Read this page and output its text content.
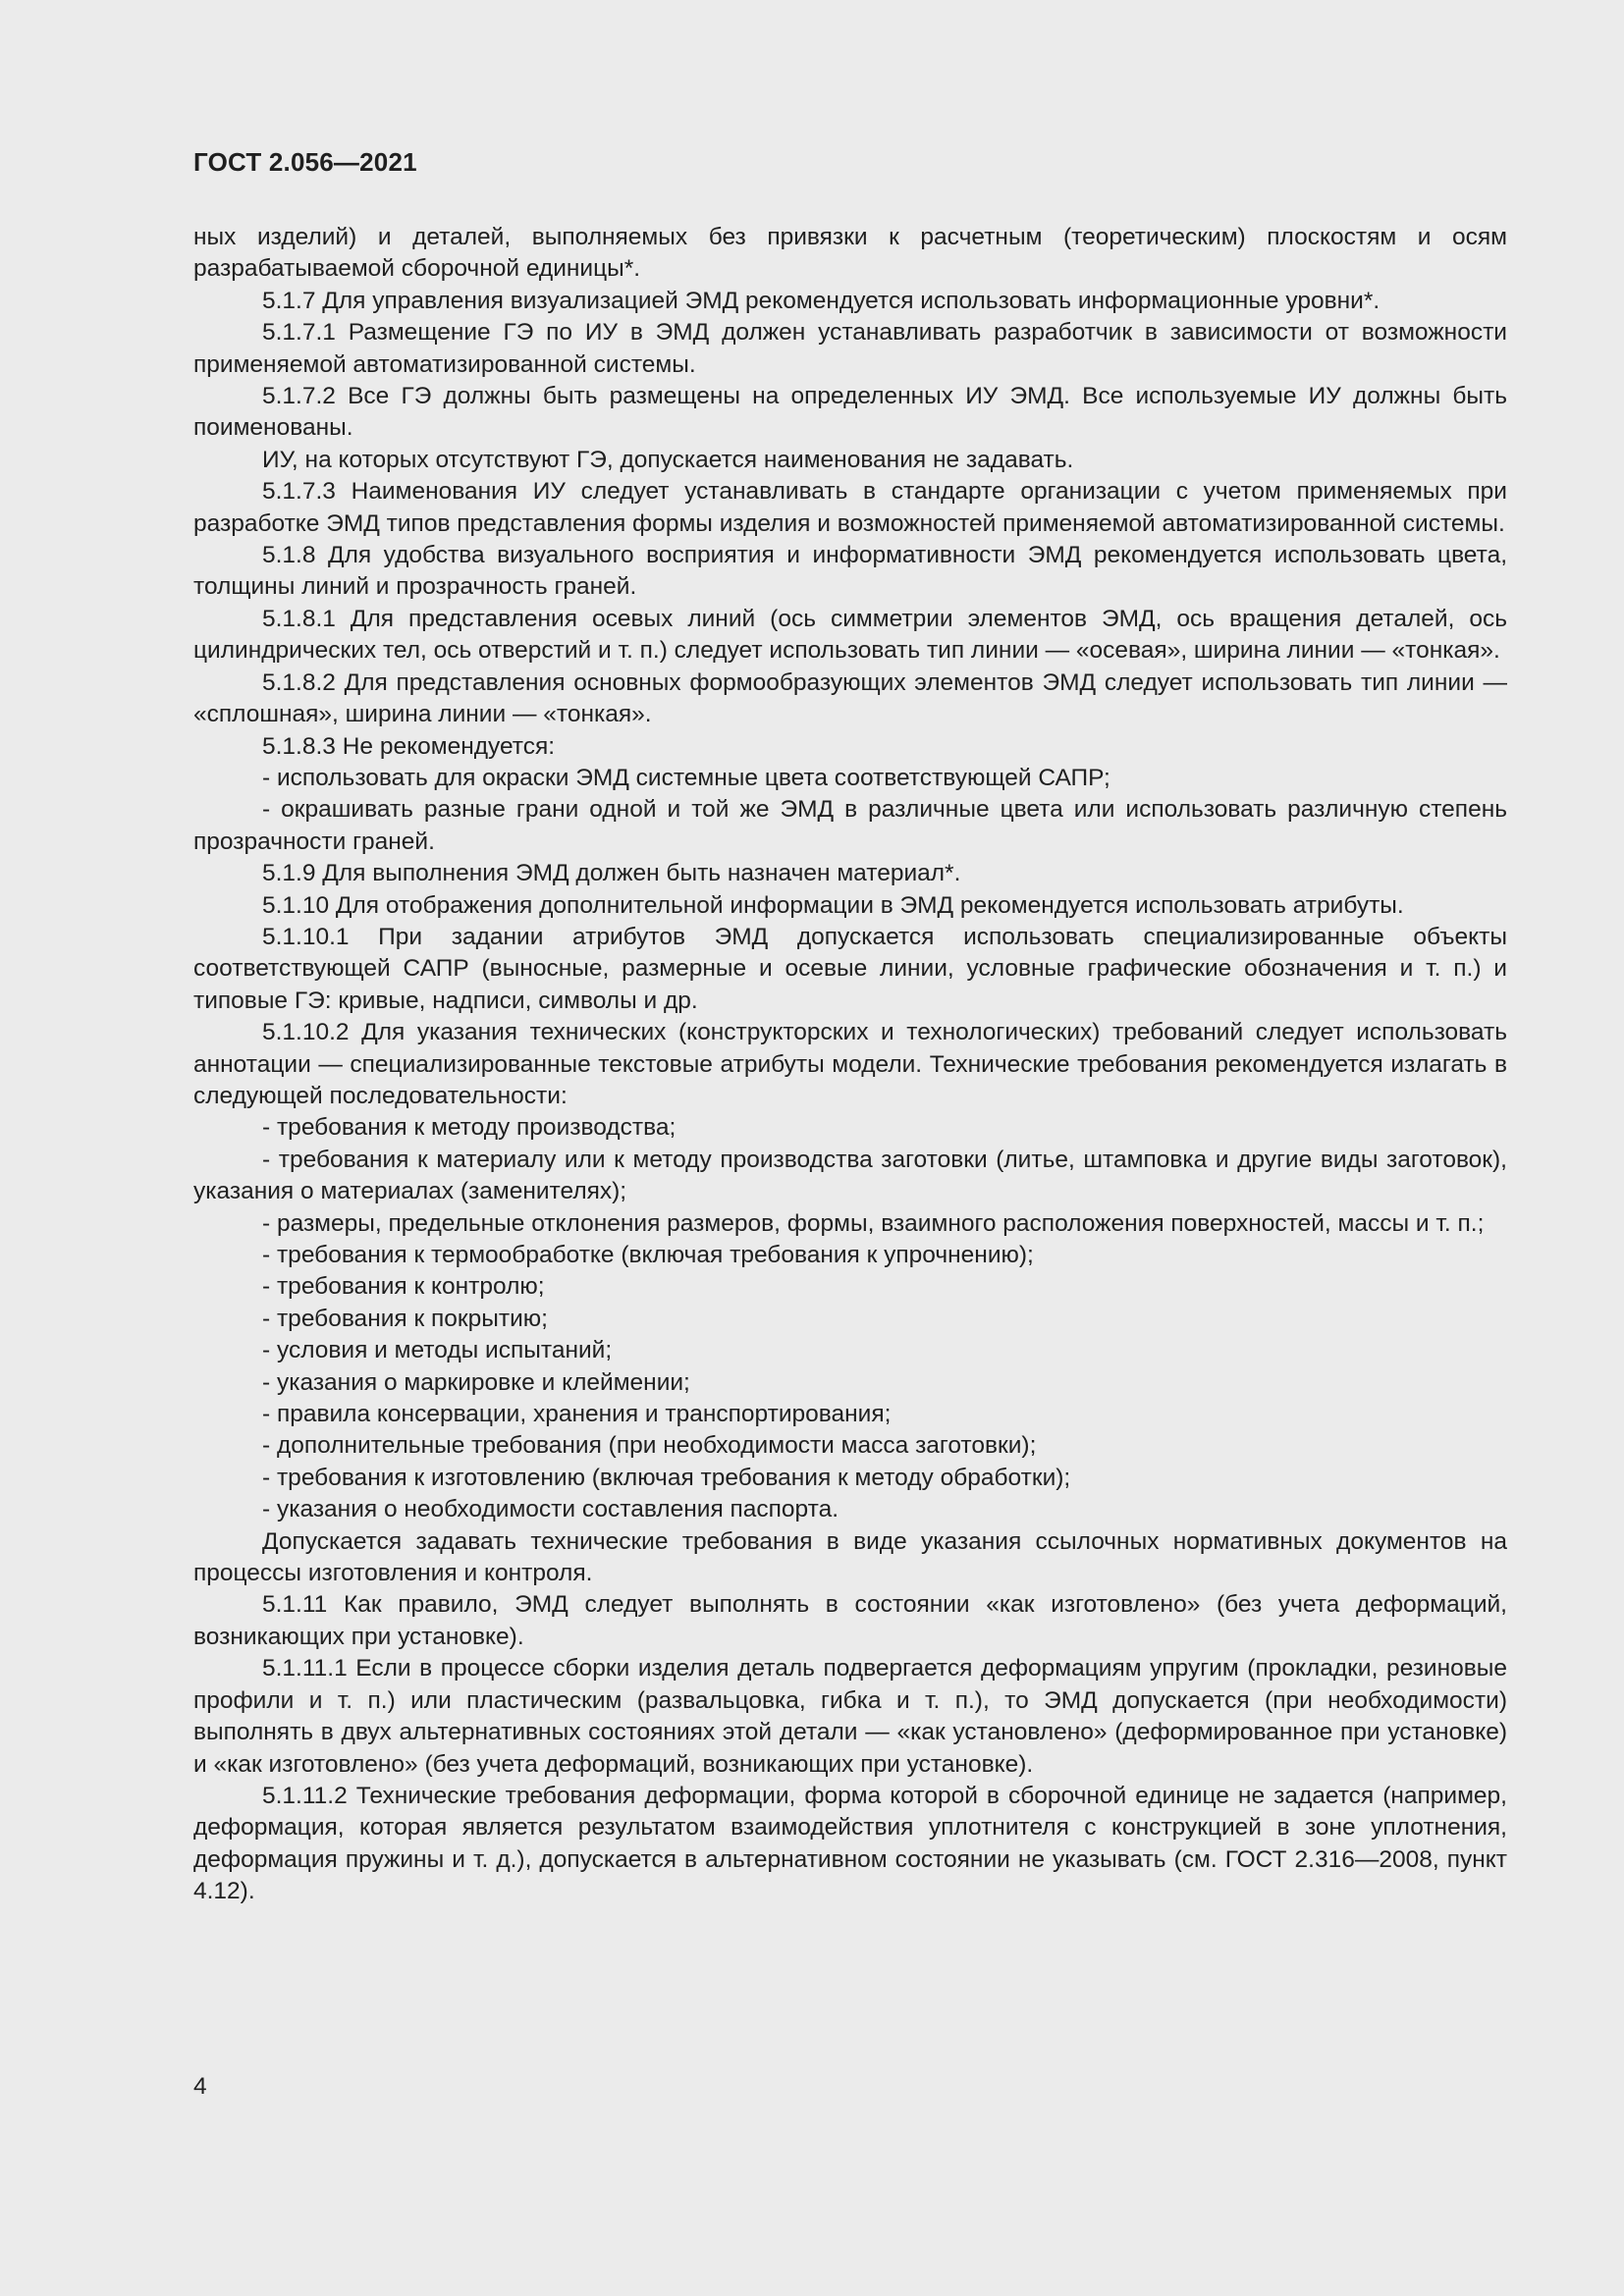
ГОСТ 2.056—2021

ных изделий) и деталей, выполняемых без привязки к расчетным (теоретическим) плоскостям и осям разрабатываемой сборочной единицы*.

5.1.7 Для управления визуализацией ЭМД рекомендуется использовать информационные уровни*.

5.1.7.1 Размещение ГЭ по ИУ в ЭМД должен устанавливать разработчик в зависимости от возможности применяемой автоматизированной системы.

5.1.7.2 Все ГЭ должны быть размещены на определенных ИУ ЭМД. Все используемые ИУ должны быть поименованы.

ИУ, на которых отсутствуют ГЭ, допускается наименования не задавать.

5.1.7.3 Наименования ИУ следует устанавливать в стандарте организации с учетом применяемых при разработке ЭМД типов представления формы изделия и возможностей применяемой автоматизированной системы.

5.1.8 Для удобства визуального восприятия и информативности ЭМД рекомендуется использовать цвета, толщины линий и прозрачность граней.

5.1.8.1 Для представления осевых линий (ось симметрии элементов ЭМД, ось вращения деталей, ось цилиндрических тел, ось отверстий и т. п.) следует использовать тип линии — «осевая», ширина линии — «тонкая».

5.1.8.2 Для представления основных формообразующих элементов ЭМД следует использовать тип линии — «сплошная», ширина линии — «тонкая».

5.1.8.3 Не рекомендуется:

- использовать для окраски ЭМД системные цвета соответствующей САПР;

- окрашивать разные грани одной и той же ЭМД в различные цвета или использовать различную степень прозрачности граней.

5.1.9 Для выполнения ЭМД должен быть назначен материал*.

5.1.10 Для отображения дополнительной информации в ЭМД рекомендуется использовать атрибуты.

5.1.10.1 При задании атрибутов ЭМД допускается использовать специализированные объекты соответствующей САПР (выносные, размерные и осевые линии, условные графические обозначения и т. п.) и типовые ГЭ: кривые, надписи, символы и др.

5.1.10.2 Для указания технических (конструкторских и технологических) требований следует использовать аннотации — специализированные текстовые атрибуты модели. Технические требования рекомендуется излагать в следующей последовательности:

- требования к методу производства;

- требования к материалу или к методу производства заготовки (литье, штамповка и другие виды заготовок), указания о материалах (заменителях);

- размеры, предельные отклонения размеров, формы, взаимного расположения поверхностей, массы и т. п.;

- требования к термообработке (включая требования к упрочнению);

- требования к контролю;

- требования к покрытию;

- условия и методы испытаний;

- указания о маркировке и клеймении;

- правила консервации, хранения и транспортирования;

- дополнительные требования (при необходимости масса заготовки);

- требования к изготовлению (включая требования к методу обработки);

- указания о необходимости составления паспорта.

Допускается задавать технические требования в виде указания ссылочных нормативных документов на процессы изготовления и контроля.

5.1.11 Как правило, ЭМД следует выполнять в состоянии «как изготовлено» (без учета деформаций, возникающих при установке).

5.1.11.1 Если в процессе сборки изделия деталь подвергается деформациям упругим (прокладки, резиновые профили и т. п.) или пластическим (развальцовка, гибка и т. п.), то ЭМД допускается (при необходимости) выполнять в двух альтернативных состояниях этой детали — «как установлено» (деформированное при установке) и «как изготовлено» (без учета деформаций, возникающих при установке).

5.1.11.2 Технические требования деформации, форма которой в сборочной единице не задается (например, деформация, которая является результатом взаимодействия уплотнителя с конструкцией в зоне уплотнения, деформация пружины и т. д.), допускается в альтернативном состоянии не указывать (см. ГОСТ 2.316—2008, пункт 4.12).

4
